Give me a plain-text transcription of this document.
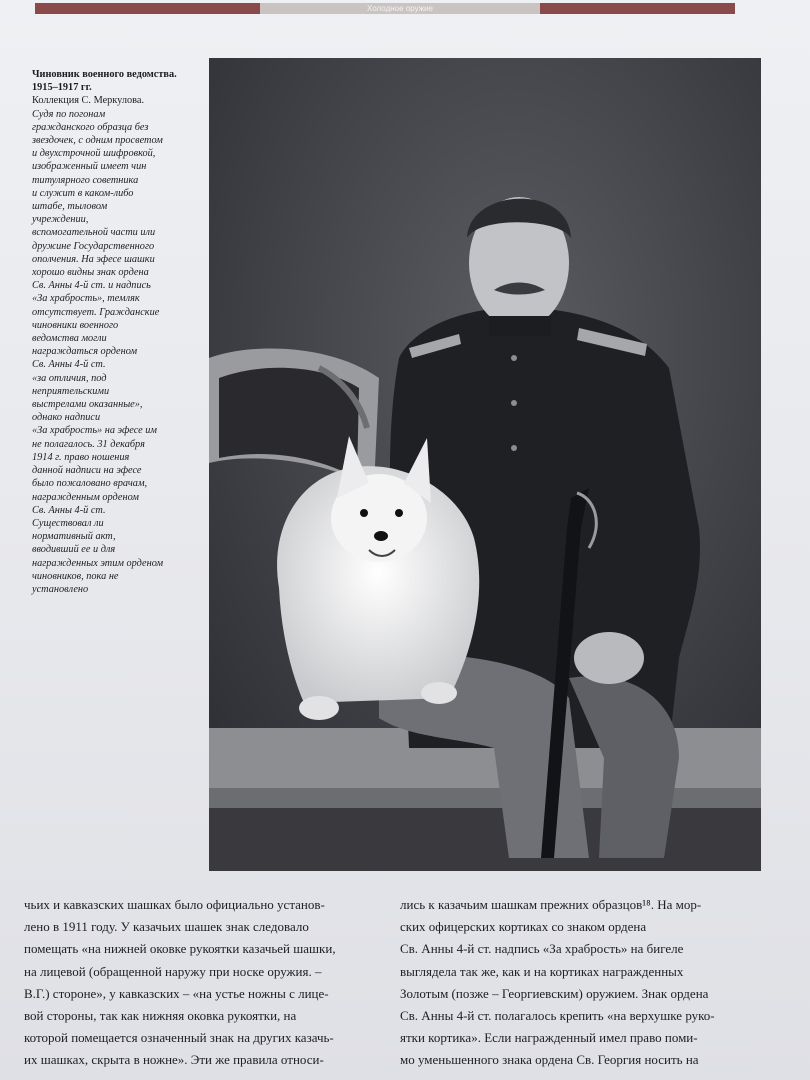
Холодное оружие
Чиновник военного ведомства. 1915–1917 гг.
Коллекция С. Меркулова.
Судя по погонам
гражданского образца без
звездочек, с одним просветом
и двухстрочной шифровкой,
изображенный имеет чин
титулярного советника
и служит в каком-либо
штабе, тыловом
учреждении,
вспомогательной части или
дружине Государственного
ополчения. На эфесе шашки
хорошо видны знак ордена
Св. Анны 4-й ст. и надпись
«За храбрость», темляк
отсутствует. Гражданские
чиновники военного
ведомства могли
награждаться орденом
Св. Анны 4-й ст.
«за отличия, под
неприятельскими
выстрелами оказанные»,
однако надписи
«За храбрость» на эфесе им
не полагалось. 31 декабря
1914 г. право ношения
данной надписи на эфесе
было пожаловано врачам,
награжденным орденом
Св. Анны 4-й ст.
Существовал ли
нормативный акт,
вводивший ее и для
награжденных этим орденом
чиновников, пока не
установлено
чьих и кавказских шашках было официально установ-
лено в 1911 году. У казачьих шашек знак следовало
помещать «на нижней оковке рукоятки казачьей шашки,
на лицевой (обращенной наружу при носке оружия. –
В.Г.) стороне», у кавказских – «на устье ножны с лице-
вой стороны, так как нижняя оковка рукоятки, на
которой помещается означенный знак на других казачь-
их шашках, скрыта в ножне». Эти же правила относи-
лись к казачьим шашкам прежних образцов¹⁸. На мор-
ских офицерских кортиках со знаком ордена
Св. Анны 4-й ст. надпись «За храбрость» на бигеле
выглядела так же, как и на кортиках награжденных
Золотым (позже – Георгиевским) оружием. Знак ордена
Св. Анны 4-й ст. полагалось крепить «на верхушке руко-
ятки кортика». Если награжденный имел право поми-
мо уменьшенного знака ордена Св. Георгия носить на
